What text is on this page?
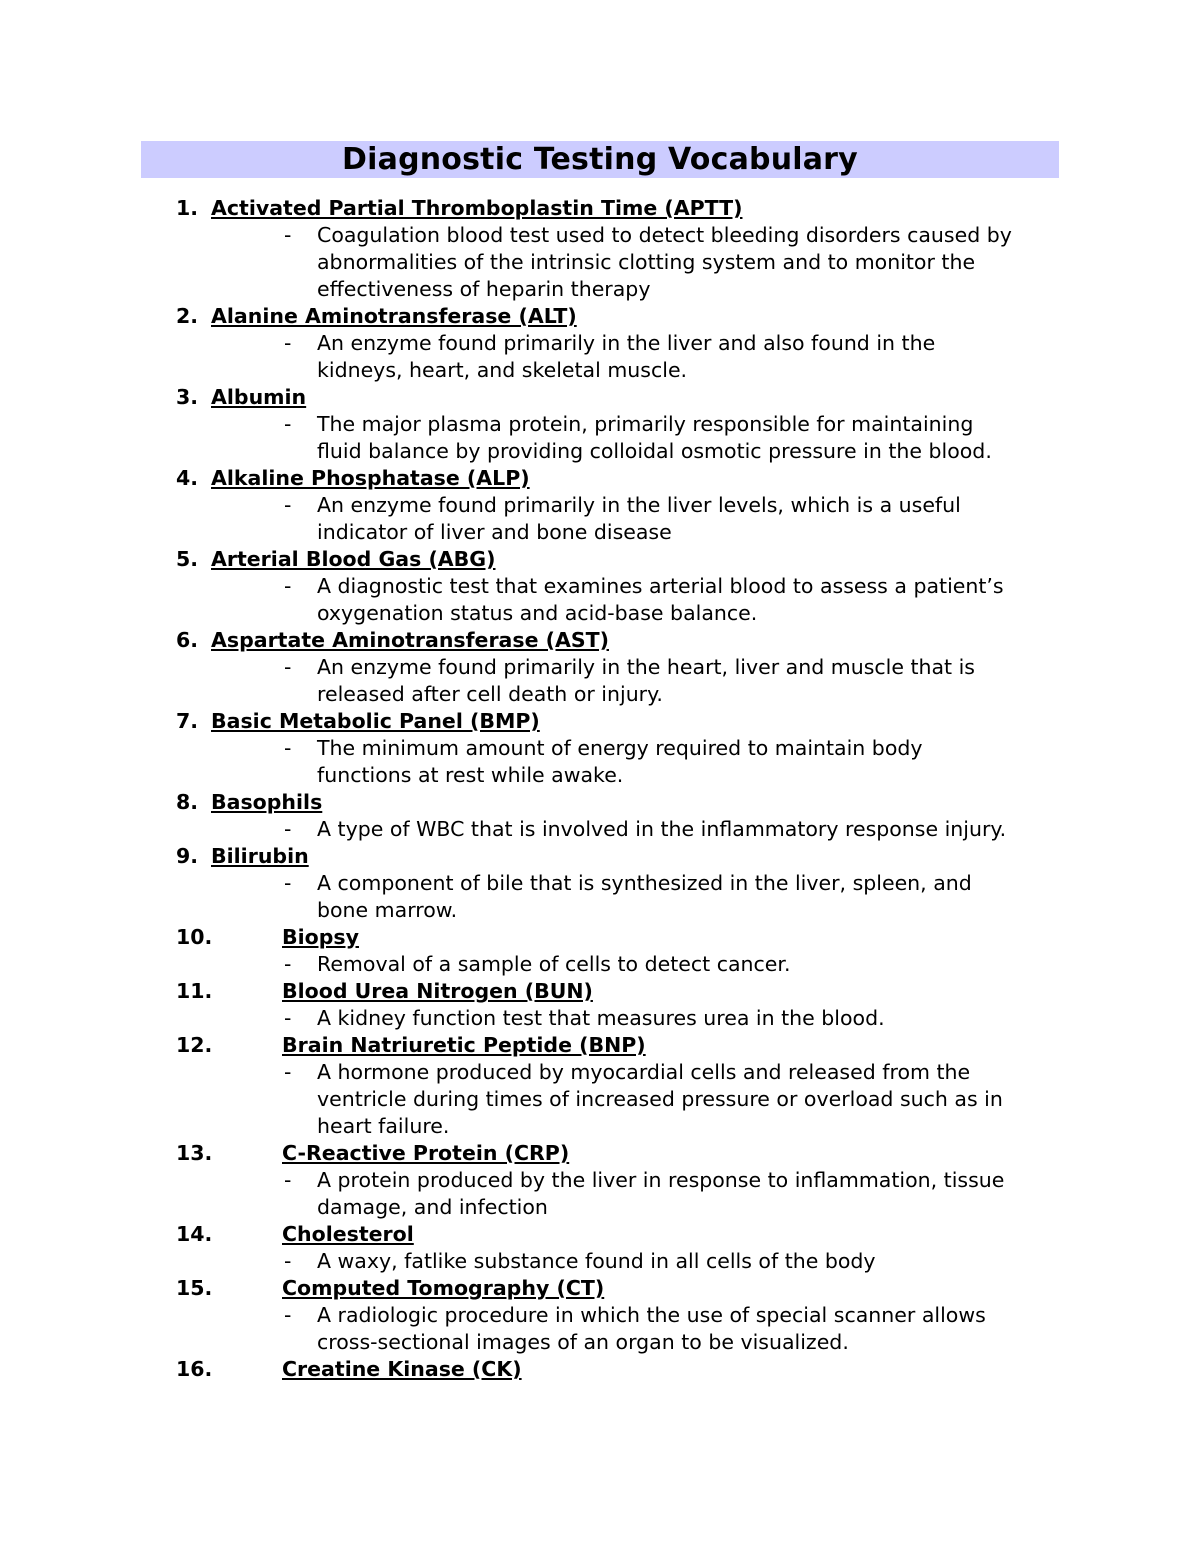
Diagnostic Testing Vocabulary
1. Activated Partial Thromboplastin Time (APTT)
- Coagulation blood test used to detect bleeding disorders caused by
abnormalities of the intrinsic clotting system and to monitor the
effectiveness of heparin therapy
2. Alanine Aminotransferase (ALT)
- An enzyme found primarily in the liver and also found in the
kidneys, heart, and skeletal muscle.
3. Albumin
- The major plasma protein, primarily responsible for maintaining
fluid balance by providing colloidal osmotic pressure in the blood.
4. Alkaline Phosphatase (ALP)
- An enzyme found primarily in the liver levels, which is a useful
indicator of liver and bone disease
5. Arterial Blood Gas (ABG)
- A diagnostic test that examines arterial blood to assess a patient’s
oxygenation status and acid-base balance.
6. Aspartate Aminotransferase (AST)
- An enzyme found primarily in the heart, liver and muscle that is
released after cell death or injury.
7. Basic Metabolic Panel (BMP)
- The minimum amount of energy required to maintain body
functions at rest while awake.
8. Basophils
- A type of WBC that is involved in the inflammatory response injury.
9. Bilirubin
- A component of bile that is synthesized in the liver, spleen, and
bone marrow.
10.	Biopsy
- Removal of a sample of cells to detect cancer.
11.	Blood Urea Nitrogen (BUN)
- A kidney function test that measures urea in the blood.
12.	Brain Natriuretic Peptide (BNP)
- A hormone produced by myocardial cells and released from the
ventricle during times of increased pressure or overload such as in
heart failure.
13.	C-Reactive Protein (CRP)
- A protein produced by the liver in response to inflammation, tissue
damage, and infection
14.	Cholesterol
- A waxy, fatlike substance found in all cells of the body
15.	Computed Tomography (CT)
- A radiologic procedure in which the use of special scanner allows
cross-sectional images of an organ to be visualized.
16.	Creatine Kinase (CK)
